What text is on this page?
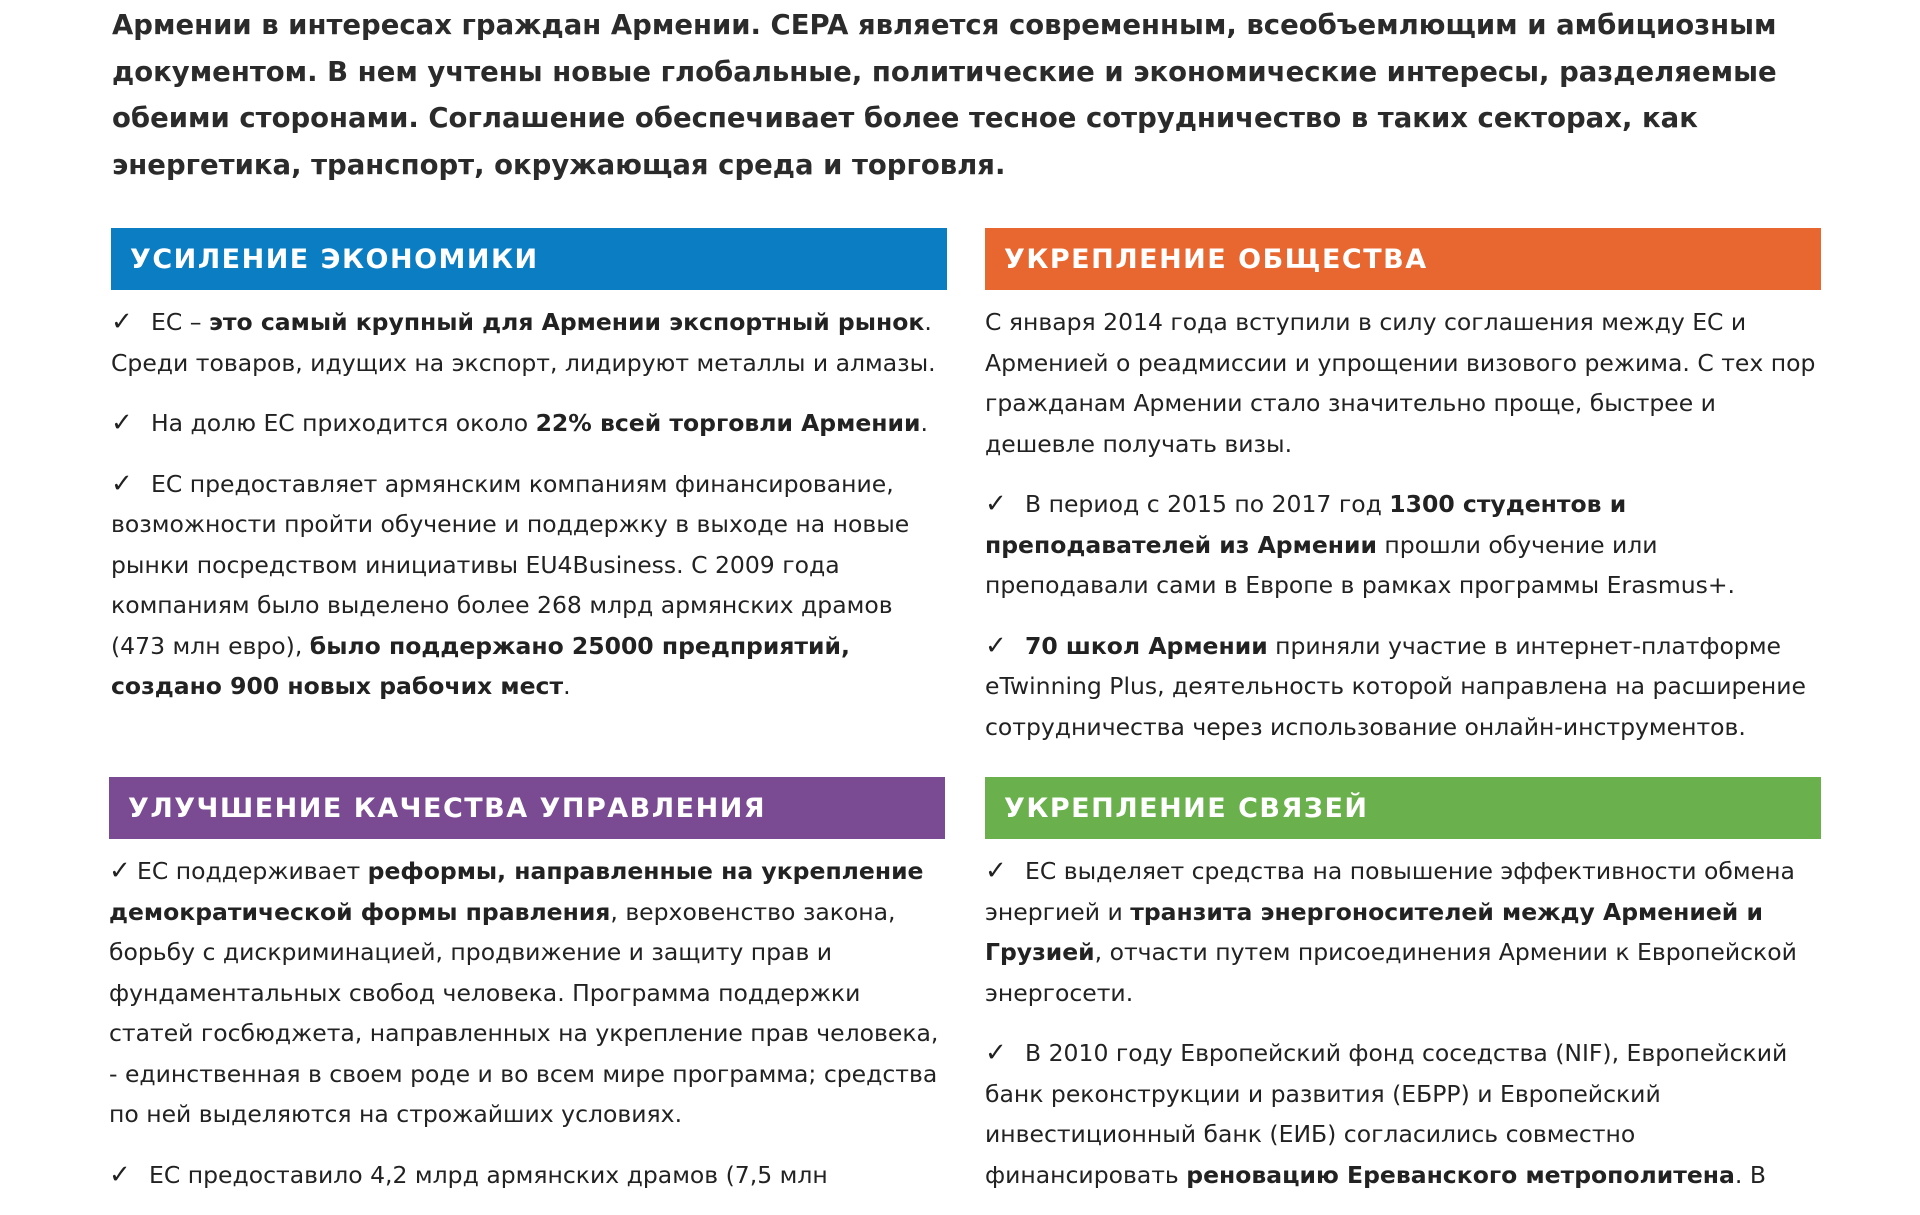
Армении в интересах граждан Армении. CEPA является современным, всеобъемлющим и амбициозным документом. В нем учтены новые глобальные, политические и экономические интересы, разделяемые обеими сторонами. Соглашение обеспечивает более тесное сотрудничество в таких секторах, как энергетика, транспорт, окружающая среда и торговля.

УСИЛЕНИЕ ЭКОНОМИКИ

✓ ЕС – это самый крупный для Армении экспортный рынок. Среди товаров, идущих на экспорт, лидируют металлы и алмазы.

✓ На долю ЕС приходится около 22% всей торговли Армении.

✓ ЕС предоставляет армянским компаниям финансирование, возможности пройти обучение и поддержку в выходе на новые рынки посредством инициативы EU4Business. С 2009 года компаниям было выделено более 268 млрд армянских драмов (473 млн евро), было поддержано 25000 предприятий, создано 900 новых рабочих мест.

УКРЕПЛЕНИЕ ОБЩЕСТВА

С января 2014 года вступили в силу соглашения между ЕС и Арменией о реадмиссии и упрощении визового режима. С тех пор гражданам Армении стало значительно проще, быстрее и дешевле получать визы.

✓ В период с 2015 по 2017 год 1300 студентов и преподавателей из Армении прошли обучение или преподавали сами в Европе в рамках программы Erasmus+.

✓ 70 школ Армении приняли участие в интернет-платформе eTwinning Plus, деятельность которой направлена на расширение сотрудничества через использование онлайн-инструментов.

УЛУЧШЕНИЕ КАЧЕСТВА УПРАВЛЕНИЯ

✓ ЕС поддерживает реформы, направленные на укрепление демократической формы правления, верховенство закона, борьбу с дискриминацией, продвижение и защиту прав и фундаментальных свобод человека. Программа поддержки статей госбюджета, направленных на укрепление прав человека, - единственная в своем роде и во всем мире программа; средства по ней выделяются на строжайших условиях.

✓ ЕС предоставило 4,2 млрд армянских драмов (7,5 млн

УКРЕПЛЕНИЕ СВЯЗЕЙ

✓ ЕС выделяет средства на повышение эффективности обмена энергией и транзита энергоносителей между Арменией и Грузией, отчасти путем присоединения Армении к Европейской энергосети.

✓ В 2010 году Европейский фонд соседства (NIF), Европейский банк реконструкции и развития (ЕБРР) и Европейский инвестиционный банк (ЕИБ) согласились совместно финансировать реновацию Ереванского метрополитена. В
